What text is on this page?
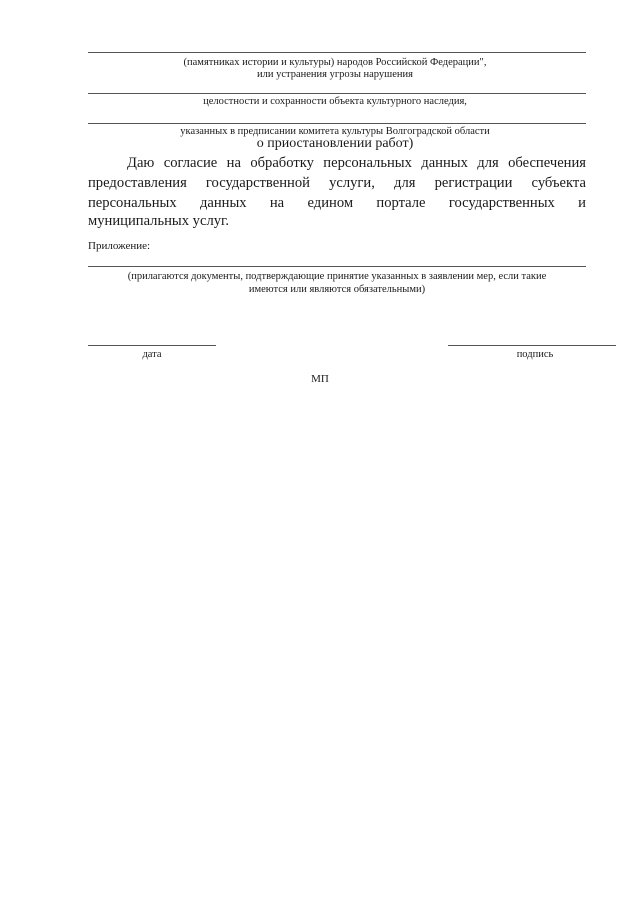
(памятниках истории и культуры) народов Российской Федерации",
или устранения угрозы нарушения
целостности и сохранности объекта культурного наследия,
указанных в предписании комитета культуры Волгоградской области
о приостановлении работ)
Даю согласие на обработку персональных данных для обеспечения
предоставления государственной услуги, для регистрации субъекта
персональных данных на едином портале государственных и
муниципальных услуг.
Приложение:
(прилагаются документы, подтверждающие принятие указанных в заявлении мер, если такие
имеются или являются обязательными)
дата	подпись
МП
